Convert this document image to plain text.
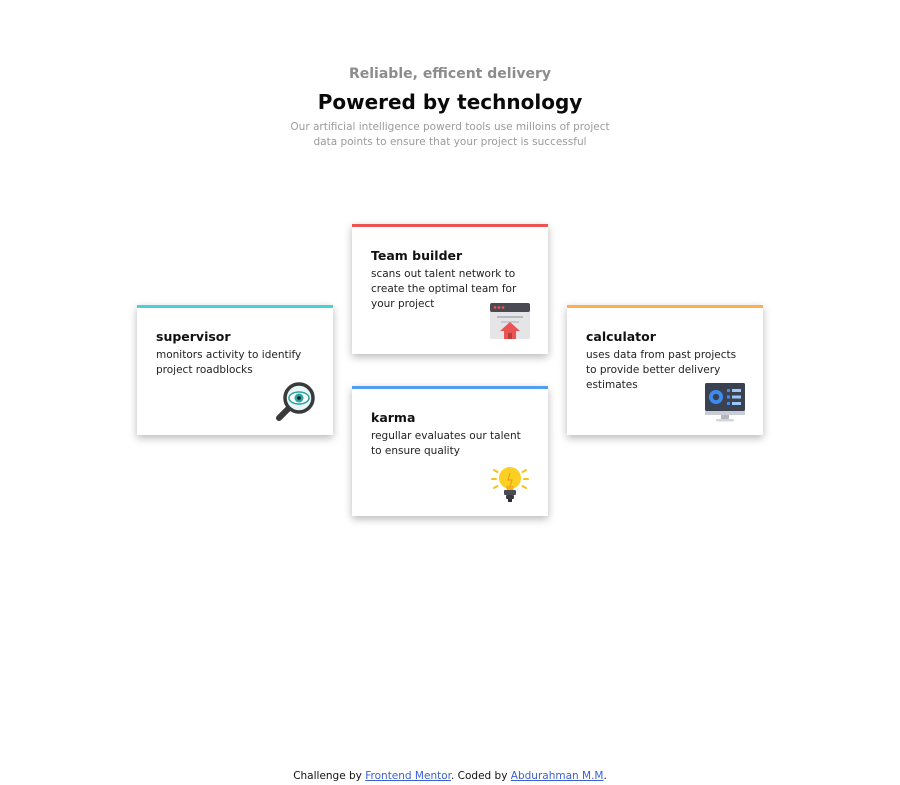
Reliable, efficent delivery
Powered by technology
Our artificial intelligence powerd tools use milloins of project data points to ensure that your project is successful
supervisor
monitors activity to identify project roadblocks
Team builder
scans out talent network to create the optimal team for your project
karma
regullar evaluates our talent to ensure quality
calculator
uses data from past projects to provide better delivery estimates
Challenge by Frontend Mentor. Coded by Abdurahman M.M.
